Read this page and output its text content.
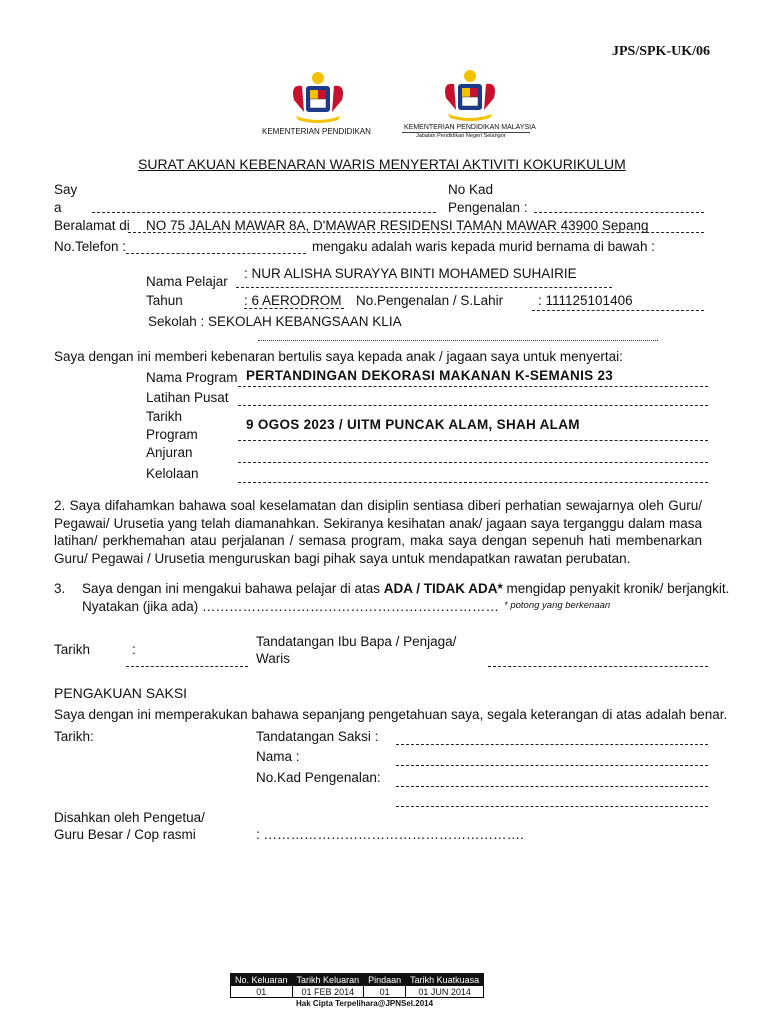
JPS/SPK-UK/06
KEMENTERIAN PENDIDIKAN	KEMENTERIAN PENDIDIKAN MALAYSIA
Jabatan Pendidikan Negeri Selangor
SURAT AKUAN KEBENARAN WARIS MENYERTAI AKTIVITI KOKURIKULUM
Say
a
No Kad
Pengenalan :
Beralamat di NO 75 JALAN MAWAR 8A, D'MAWAR RESIDENSI TAMAN MAWAR 43900 Sepang
No.Telefon :	mengaku adalah waris kepada murid bernama di bawah :
Nama Pelajar
: NUR ALISHA SURAYYA BINTI MOHAMED SUHAIRIE
Tahun	: 6 AERODROM No.Pengenalan / S.Lahir	: 111125101406
Sekolah : SEKOLAH KEBANGSAAN KLIA
Saya dengan ini memberi kebenaran bertulis saya kepada anak / jagaan saya untuk menyertai:
Nama Program PERTANDINGAN DEKORASI MAKANAN K-SEMANIS 23
Latihan Pusat
Tarikh
Program
9 OGOS 2023 / UITM PUNCAK ALAM, SHAH ALAM
Anjuran
Kelolaan
2. Saya difahamkan bahawa soal keselamatan dan disiplin sentiasa diberi perhatian sewajarnya oleh Guru/ Pegawai/ Urusetia yang telah diamanahkan. Sekiranya kesihatan anak/ jagaan saya terganggu dalam masa latihan/ perkhemahan atau perjalanan / semasa program, maka saya dengan sepenuh hati membenarkan Guru/ Pegawai / Urusetia menguruskan bagi pihak saya untuk mendapatkan rawatan perubatan.
3. Saya dengan ini mengakui bahawa pelajar di atas ADA / TIDAK ADA* mengidap penyakit kronik/ berjangkit.
Nyatakan (jika ada) ………………………………………………………… * potong yang berkenaan
Tarikh	:
Tandatangan Ibu Bapa / Penjaga/
Waris
PENGAKUAN SAKSI
Saya dengan ini memperakukan bahawa sepanjang pengetahuan saya, segala keterangan di atas adalah benar.
Tarikh:	Tandatangan Saksi :
Nama :
No.Kad Pengenalan:
Disahkan oleh Pengetua/
Guru Besar / Cop rasmi	: ………………………………………………….
No. Keluaran	Tarikh Keluaran	Pindaan	Tarikh Kuatkuasa
01	01 FEB 2014	01	01 JUN 2014
Hak Cipta Terpelihara@JPNSel.2014
